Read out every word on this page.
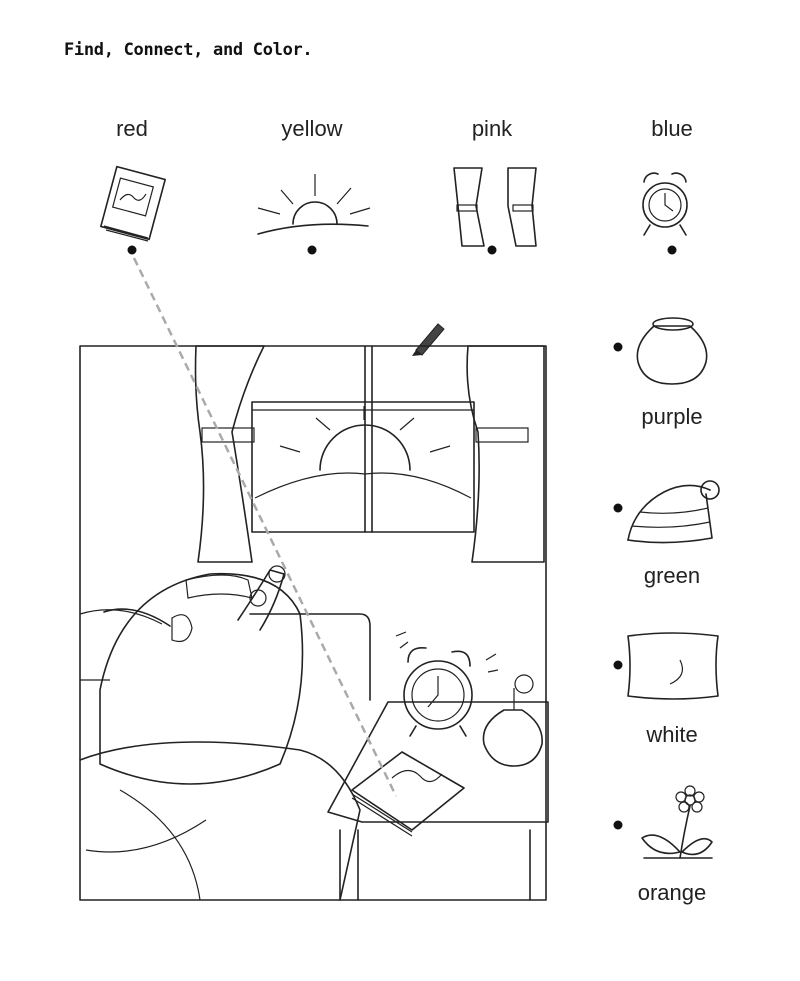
Find, Connect, and Color.
red	yellow	pink	blue
purple
green
white
orange
